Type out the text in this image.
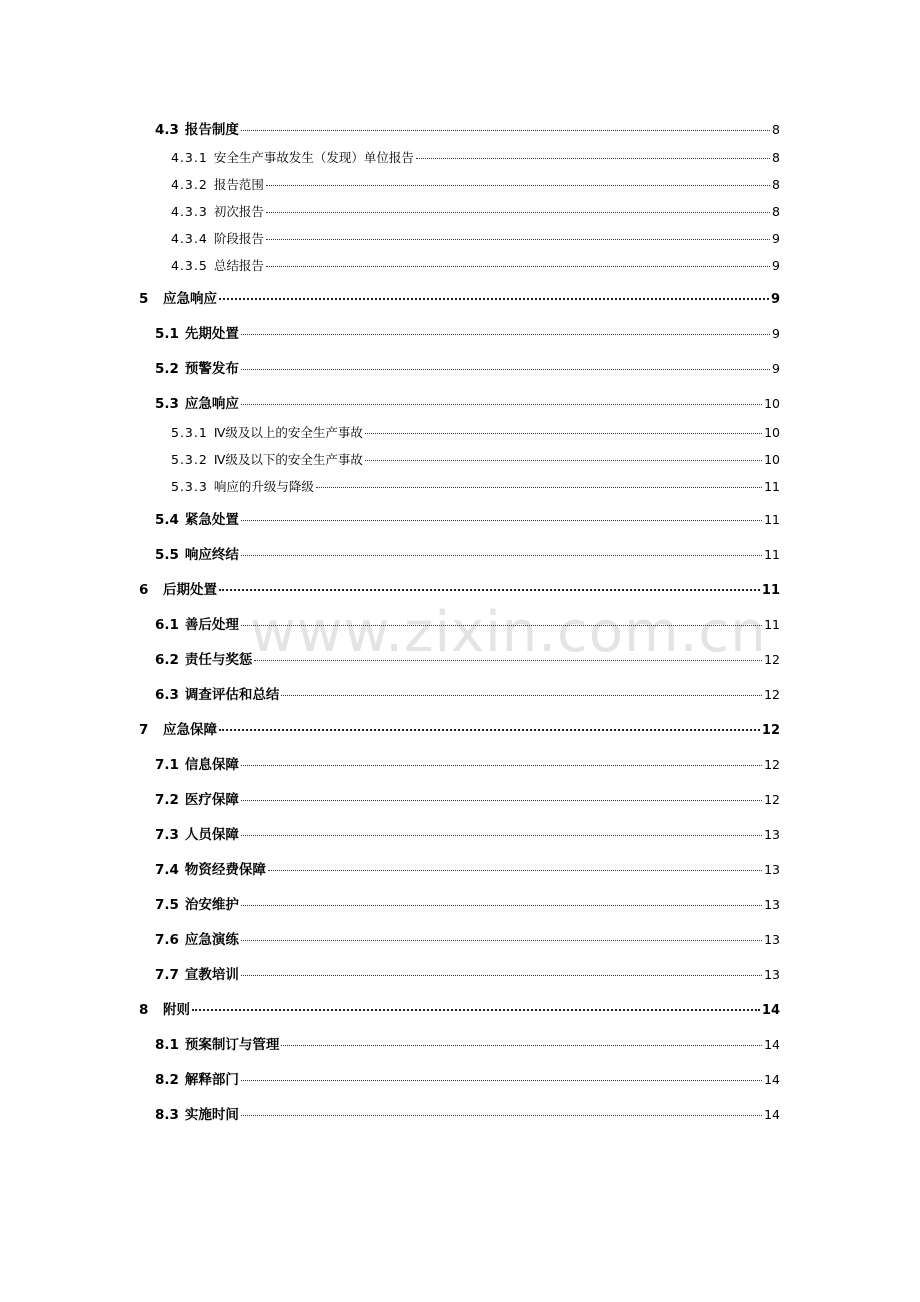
www.zixin.com.cn
4.3 报告制度	8
4.3.1 安全生产事故发生（发现）单位报告	8
4.3.2 报告范围	8
4.3.3 初次报告	8
4.3.4 阶段报告	9
4.3.5 总结报告	9
5	应急响应	9
5.1 先期处置	9
5.2 预警发布	9
5.3 应急响应	10
5.3.1 Ⅳ级及以上的安全生产事故	10
5.3.2 Ⅳ级及以下的安全生产事故	10
5.3.3 响应的升级与降级	11
5.4 紧急处置	11
5.5 响应终结	11
6	后期处置	11
6.1 善后处理	11
6.2 责任与奖惩	12
6.3 调查评估和总结	12
7	应急保障	12
7.1 信息保障	12
7.2 医疗保障	12
7.3 人员保障	13
7.4 物资经费保障	13
7.5 治安维护	13
7.6 应急演练	13
7.7 宣教培训	13
8	附则	14
8.1 预案制订与管理	14
8.2 解释部门	14
8.3 实施时间	14
